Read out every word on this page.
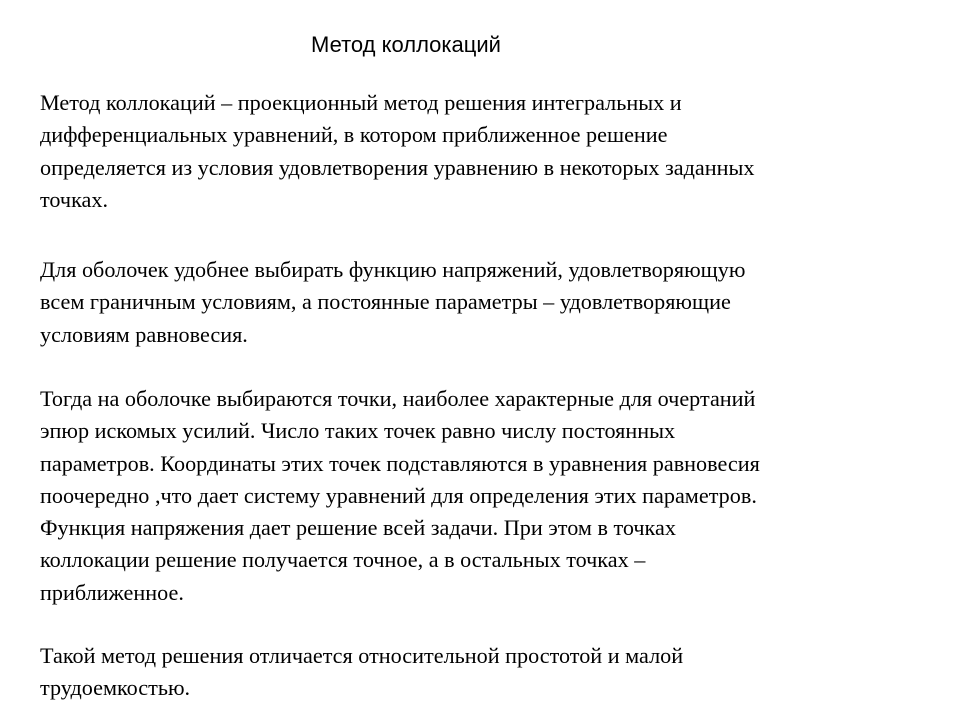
Метод коллокаций
Метод коллокаций – проекционный метод решения интегральных и
дифференциальных уравнений, в котором приближенное решение
определяется из условия удовлетворения уравнению в некоторых заданных
точках.
Для оболочек удобнее выбирать функцию напряжений, удовлетворяющую
всем граничным условиям, а постоянные параметры – удовлетворяющие
условиям равновесия.
Тогда на оболочке выбираются точки, наиболее характерные для очертаний
эпюр искомых усилий. Число таких точек равно числу постоянных
параметров. Координаты этих точек подставляются в уравнения равновесия
поочередно ,что дает систему уравнений для определения этих параметров.
Функция напряжения дает решение всей задачи. При этом в точках
коллокации решение получается точное, а в остальных точках –
приближенное.
Такой метод решения отличается относительной простотой и малой
трудоемкостью.
